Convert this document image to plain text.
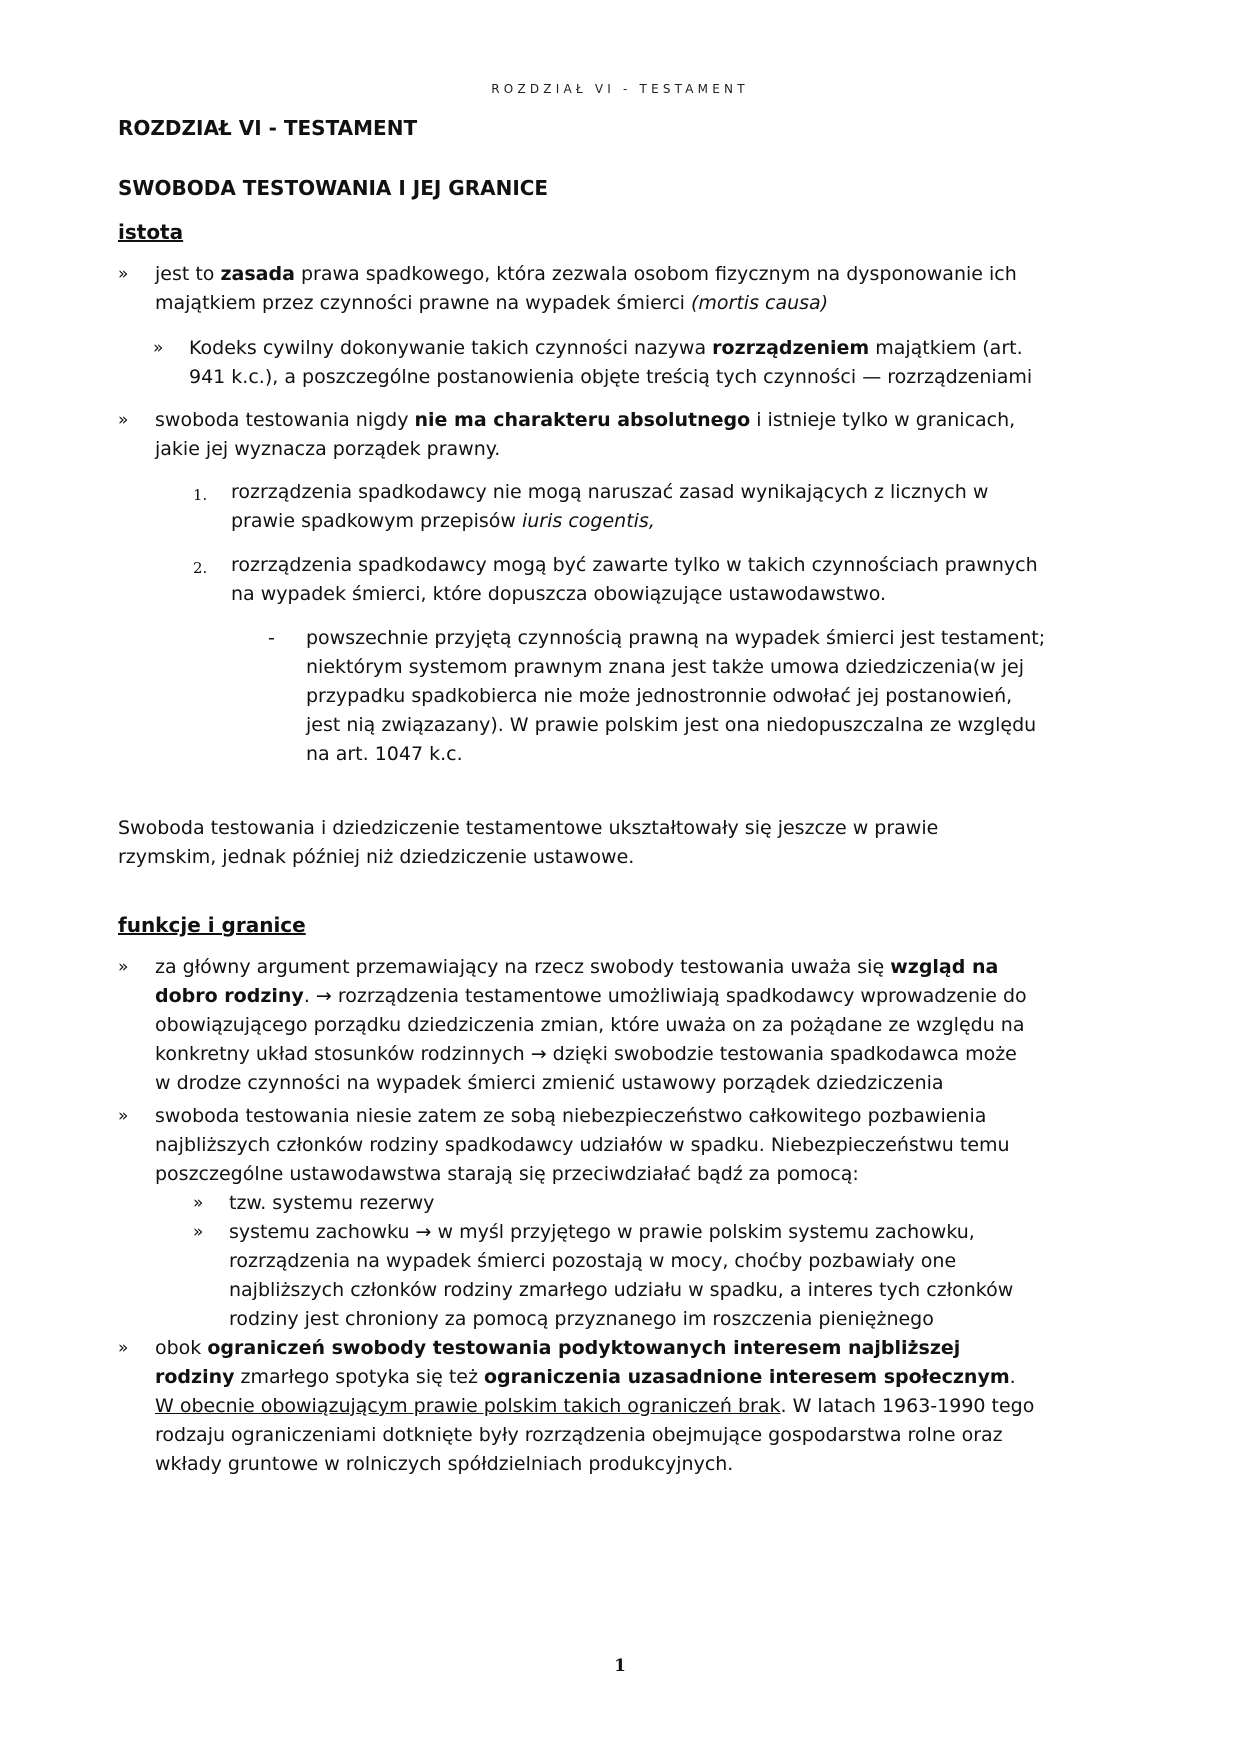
ROZDZIAŁ VI - TESTAMENT
ROZDZIAŁ VI - TESTAMENT
SWOBODA TESTOWANIA I JEJ GRANICE
istota
» jest to zasada prawa spadkowego, która zezwala osobom fizycznym na dysponowanie ich
majątkiem przez czynności prawne na wypadek śmierci (mortis causa)
» Kodeks cywilny dokonywanie takich czynności nazywa rozrządzeniem majątkiem (art.
941 k.c.), a poszczególne postanowienia objęte treścią tych czynności — rozrządzeniami
» swoboda testowania nigdy nie ma charakteru absolutnego i istnieje tylko w granicach,
jakie jej wyznacza porządek prawny.
1. rozrządzenia spadkodawcy nie mogą naruszać zasad wynikających z licznych w
prawie spadkowym przepisów iuris cogentis,
2. rozrządzenia spadkodawcy mogą być zawarte tylko w takich czynnościach prawnych
na wypadek śmierci, które dopuszcza obowiązujące ustawodawstwo.
- powszechnie przyjętą czynnością prawną na wypadek śmierci jest testament;
niektórym systemom prawnym znana jest także umowa dziedziczenia(w jej
przypadku spadkobierca nie może jednostronnie odwołać jej postanowień,
jest nią związazany). W prawie polskim jest ona niedopuszczalna ze względu
na art. 1047 k.c.
Swoboda testowania i dziedziczenie testamentowe ukształtowały się jeszcze w prawie
rzymskim, jednak później niż dziedziczenie ustawowe.
funkcje i granice
» za główny argument przemawiający na rzecz swobody testowania uważa się wzgląd na
dobro rodziny. → rozrządzenia testamentowe umożliwiają spadkodawcy wprowadzenie do
obowiązującego porządku dziedziczenia zmian, które uważa on za pożądane ze względu na
konkretny układ stosunków rodzinnych → dzięki swobodzie testowania spadkodawca może
w drodze czynności na wypadek śmierci zmienić ustawowy porządek dziedziczenia
» swoboda testowania niesie zatem ze sobą niebezpieczeństwo całkowitego pozbawienia
najbliższych członków rodziny spadkodawcy udziałów w spadku. Niebezpieczeństwu temu
poszczególne ustawodawstwa starają się przeciwdziałać bądź za pomocą:
» tzw. systemu rezerwy
» systemu zachowku → w myśl przyjętego w prawie polskim systemu zachowku,
rozrządzenia na wypadek śmierci pozostają w mocy, choćby pozbawiały one
najbliższych członków rodziny zmarłego udziału w spadku, a interes tych członków
rodziny jest chroniony za pomocą przyznanego im roszczenia pieniężnego
» obok ograniczeń swobody testowania podyktowanych interesem najbliższej
rodziny zmarłego spotyka się też ograniczenia uzasadnione interesem społecznym.
W obecnie obowiązującym prawie polskim takich ograniczeń brak. W latach 1963-1990 tego
rodzaju ograniczeniami dotknięte były rozrządzenia obejmujące gospodarstwa rolne oraz
wkłady gruntowe w rolniczych spółdzielniach produkcyjnych.
1
